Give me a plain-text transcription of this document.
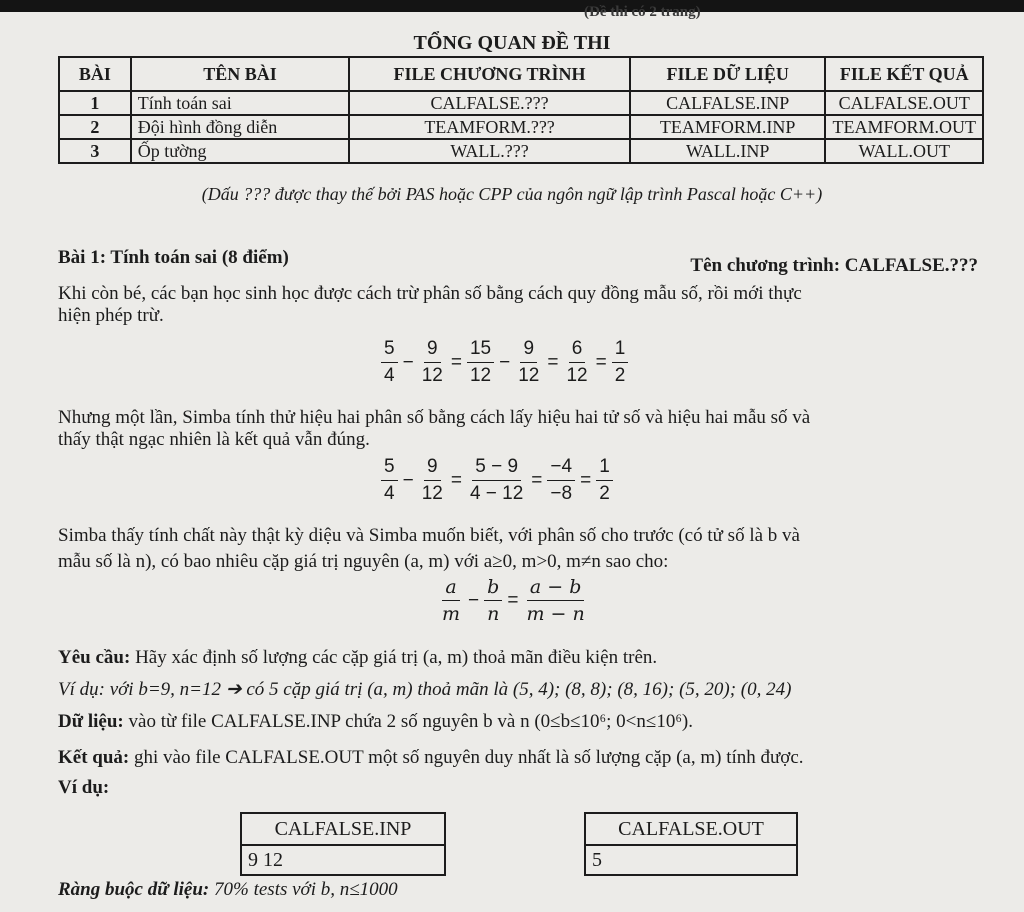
(Đề thi có 2 trang)
TỔNG QUAN ĐỀ THI
BÀI	TÊN BÀI	FILE CHƯƠNG TRÌNH	FILE DỮ LIỆU	FILE KẾT QUẢ
1	Tính toán sai	CALFALSE.???	CALFALSE.INP	CALFALSE.OUT
2	Đội hình đồng diễn	TEAMFORM.???	TEAMFORM.INP	TEAMFORM.OUT
3	Ốp tường	WALL.???	WALL.INP	WALL.OUT
(Dấu ??? được thay thế bởi PAS hoặc CPP của ngôn ngữ lập trình Pascal hoặc C++)
Bài 1: Tính toán sai (8 điểm)	Tên chương trình: CALFALSE.???
Khi còn bé, các bạn học sinh học được cách trừ phân số bằng cách quy đồng mẫu số, rồi mới thực
hiện phép trừ.
$\frac{5}{4} - \frac{9}{12} = \frac{15}{12} - \frac{9}{12} = \frac{6}{12} = \frac{1}{2}$
Nhưng một lần, Simba tính thử hiệu hai phân số bằng cách lấy hiệu hai tử số và hiệu hai mẫu số và
thấy thật ngạc nhiên là kết quả vẫn đúng.
$\frac{5}{4} - \frac{9}{12} = \frac{5 - 9}{4 - 12} = \frac{-4}{-8} = \frac{1}{2}$
Simba thấy tính chất này thật kỳ diệu và Simba muốn biết, với phân số cho trước (có tử số là b và
mẫu số là n), có bao nhiêu cặp giá trị nguyên (a, m) với a≥0, m>0, m≠n sao cho:
$\frac{a}{m} - \frac{b}{n} = \frac{a - b}{m - n}$
Yêu cầu: Hãy xác định số lượng các cặp giá trị (a, m) thoả mãn điều kiện trên.
Ví dụ: với b=9, n=12 ➔ có 5 cặp giá trị (a, m) thoả mãn là (5, 4); (8, 8); (8, 16); (5, 20); (0, 24)
Dữ liệu: vào từ file CALFALSE.INP chứa 2 số nguyên b và n (0≤b≤10⁶; 0<n≤10⁶).
Kết quả: ghi vào file CALFALSE.OUT một số nguyên duy nhất là số lượng cặp (a, m) tính được.
Ví dụ:
CALFALSE.INP
9 12
CALFALSE.OUT
5
Ràng buộc dữ liệu: 70% tests với b, n≤1000
